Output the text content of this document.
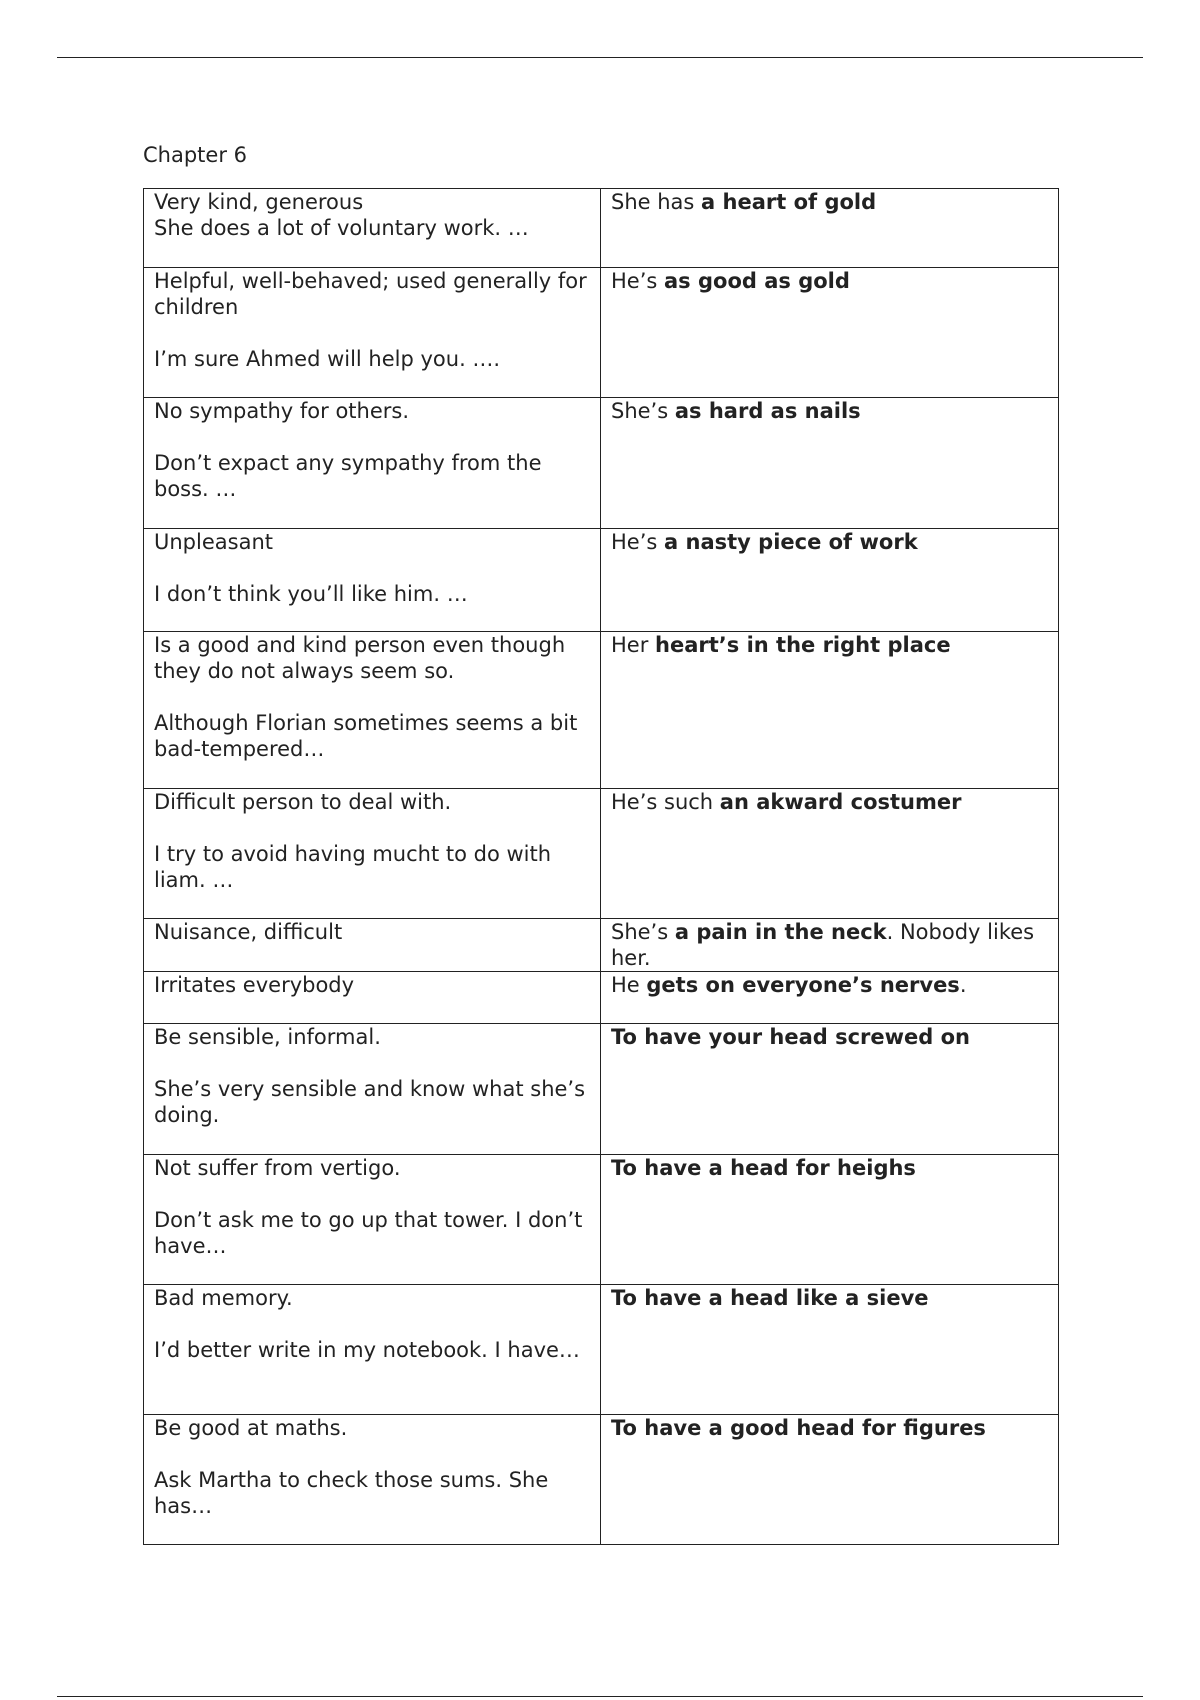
Chapter 6
Very kind, generous
She does a lot of voluntary work. …	She has a heart of gold

Helpful, well-behaved; used generally for children
I’m sure Ahmed will help you. ….	He’s as good as gold

No sympathy for others.
Don’t expact any sympathy from the boss. …	She’s as hard as nails

Unpleasant
I don’t think you’ll like him. …	He’s a nasty piece of work

Is a good and kind person even though they do not always seem so.
Although Florian sometimes seems a bit bad-tempered…	Her heart’s in the right place

Difficult person to deal with.
I try to avoid having mucht to do with liam. …	He’s such an akward costumer

Nuisance, difficult	She’s a pain in the neck. Nobody likes her.

Irritates everybody	He gets on everyone’s nerves.

Be sensible, informal.
She’s very sensible and know what she’s doing.	To have your head screwed on

Not suffer from vertigo.
Don’t ask me to go up that tower. I don’t have…	To have a head for heighs

Bad memory.
I’d better write in my notebook. I have…	To have a head like a sieve

Be good at maths.
Ask Martha to check those sums. She has…	To have a good head for figures
